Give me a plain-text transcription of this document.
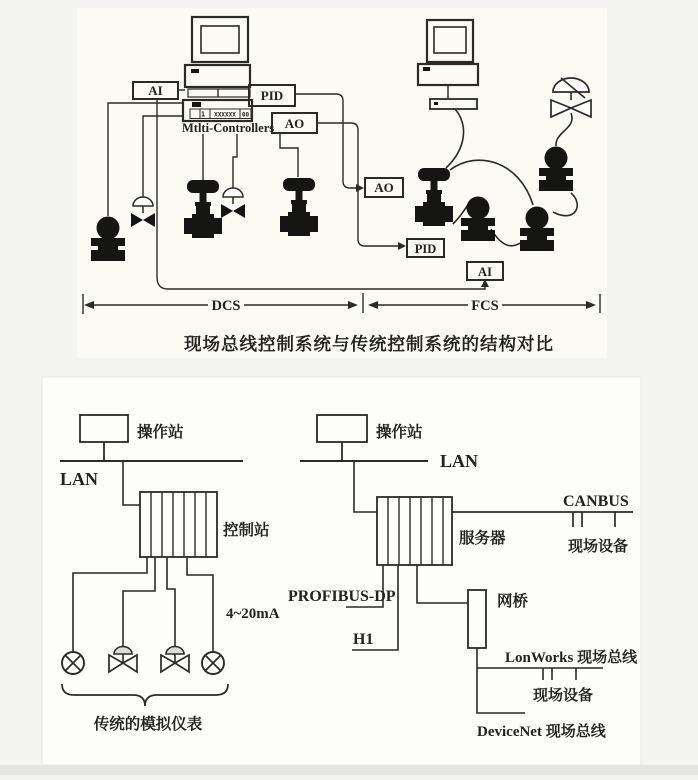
AI	PID
AO
AO
PID
AI
Mtlti-Controllers
1 XXXXXX 00
DCS	FCS
现场总线控制系统与传统控制系统的结构对比
操作站
LAN
控制站
4~20mA
传统的模拟仪表
操作站
LAN
服务器
CANBUS
现场设备
PROFIBUS-DP
H1
网桥
LonWorks 现场总线
现场设备
DeviceNet 现场总线
